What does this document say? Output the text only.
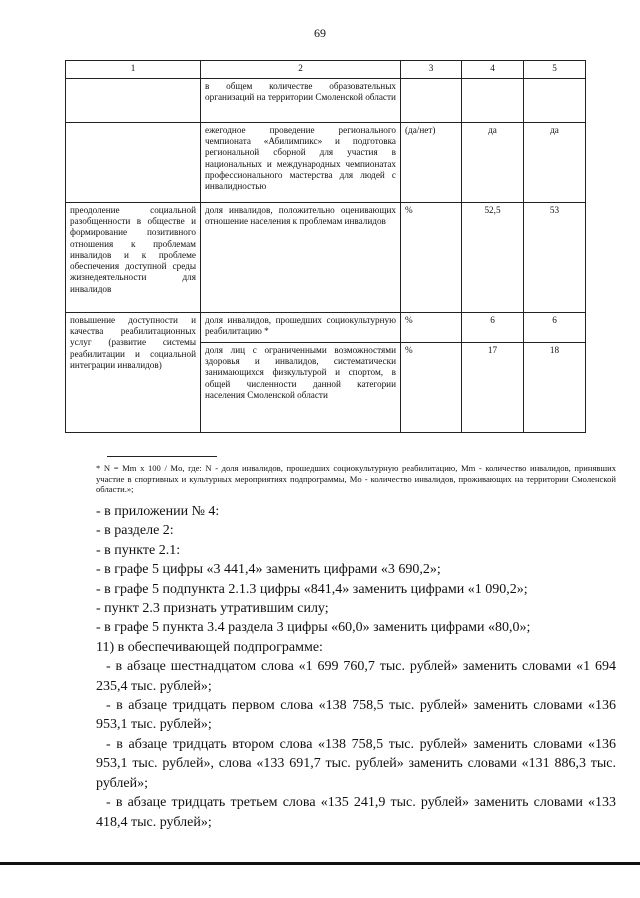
69
1	2	3	4	5
	в общем количестве образовательных организаций на территории Смоленской области			
	ежегодное проведение регионального чемпионата «Абилимпикс» и подготовка региональной сборной для участия в национальных и международных чемпионатах профессионального мастерства для людей с инвалидностью	(да/нет)	да	да
преодоление социальной разобщенности в обществе и формирование позитивного отношения к проблемам инвалидов и к проблеме обеспечения доступной среды жизнедеятельности для инвалидов	доля инвалидов, положительно оценивающих отношение населения к проблемам инвалидов	%	52,5	53
повышение доступности и качества реабилитационных услуг (развитие системы реабилитации и социальной интеграции инвалидов)	доля инвалидов, прошедших социокультурную реабилитацию *	%	6	6
	доля лиц с ограниченными возможностями здоровья и инвалидов, систематически занимающихся физкультурой и спортом, в общей численности данной категории населения Смоленской области	%	17	18
* N = Mm x 100 / Mo, где: N - доля инвалидов, прошедших социокультурную реабилитацию, Mm - количество инвалидов, принявших участие в спортивных и культурных мероприятиях подпрограммы, Mo - количество инвалидов, проживающих на территории Смоленской области.»;

- в приложении № 4:

- в разделе 2:

- в пункте 2.1:

- в графе 5 цифры «3 441,4» заменить цифрами «3 690,2»;

- в графе 5 подпункта 2.1.3 цифры «841,4» заменить цифрами «1 090,2»;

- пункт 2.3 признать утратившим силу;

- в графе 5 пункта 3.4 раздела 3 цифры «60,0» заменить цифрами «80,0»;

11) в обеспечивающей подпрограмме:

- в абзаце шестнадцатом слова «1 699 760,7 тыс. рублей» заменить словами «1 694 235,4 тыс. рублей»;

- в абзаце тридцать первом слова «138 758,5 тыс. рублей» заменить словами «136 953,1 тыс. рублей»;

- в абзаце тридцать втором слова «138 758,5 тыс. рублей» заменить словами «136 953,1 тыс. рублей», слова «133 691,7 тыс. рублей» заменить словами «131 886,3 тыс. рублей»;

- в абзаце тридцать третьем слова «135 241,9 тыс. рублей» заменить словами «133 418,4 тыс. рублей»;
